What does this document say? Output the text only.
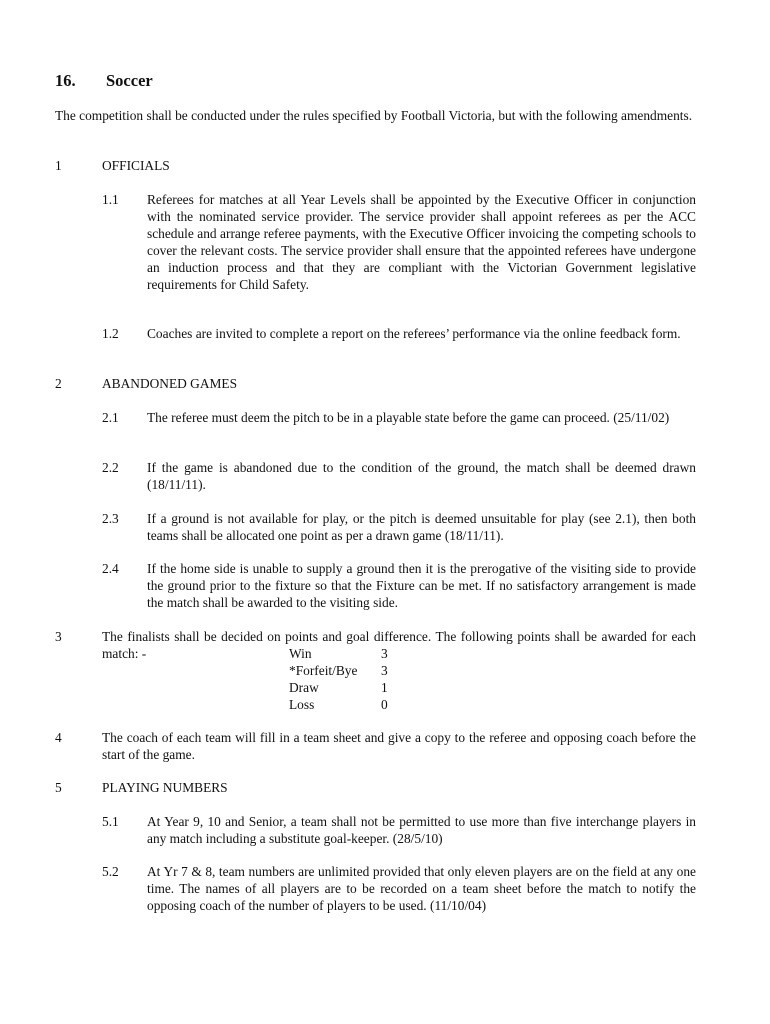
16. Soccer
The competition shall be conducted under the rules specified by Football Victoria, but with the following amendments.
1	OFFICIALS
1.1 Referees for matches at all Year Levels shall be appointed by the Executive Officer in conjunction with the nominated service provider. The service provider shall appoint referees as per the ACC schedule and arrange referee payments, with the Executive Officer invoicing the competing schools to cover the relevant costs. The service provider shall ensure that the appointed referees have undergone an induction process and that they are compliant with the Victorian Government legislative requirements for Child Safety.
1.2 Coaches are invited to complete a report on the referees’ performance via the online feedback form.
2	ABANDONED GAMES
2.1 The referee must deem the pitch to be in a playable state before the game can proceed. (25/11/02)
2.2 If the game is abandoned due to the condition of the ground, the match shall be deemed drawn (18/11/11).
2.3 If a ground is not available for play, or the pitch is deemed unsuitable for play (see 2.1), then both teams shall be allocated one point as per a drawn game (18/11/11).
2.4 If the home side is unable to supply a ground then it is the prerogative of the visiting side to provide the ground prior to the fixture so that the Fixture can be met. If no satisfactory arrangement is made the match shall be awarded to the visiting side.
3	The finalists shall be decided on points and goal difference. The following points shall be awarded for each match: -	Win	3
*Forfeit/Bye 3
Draw	1
Loss	0
4	The coach of each team will fill in a team sheet and give a copy to the referee and opposing coach before the start of the game.
5	PLAYING NUMBERS
5.1 At Year 9, 10 and Senior, a team shall not be permitted to use more than five interchange players in any match including a substitute goal-keeper. (28/5/10)
5.2 At Yr 7 & 8, team numbers are unlimited provided that only eleven players are on the field at any one time. The names of all players are to be recorded on a team sheet before the match to notify the opposing coach of the number of players to be used. (11/10/04)
